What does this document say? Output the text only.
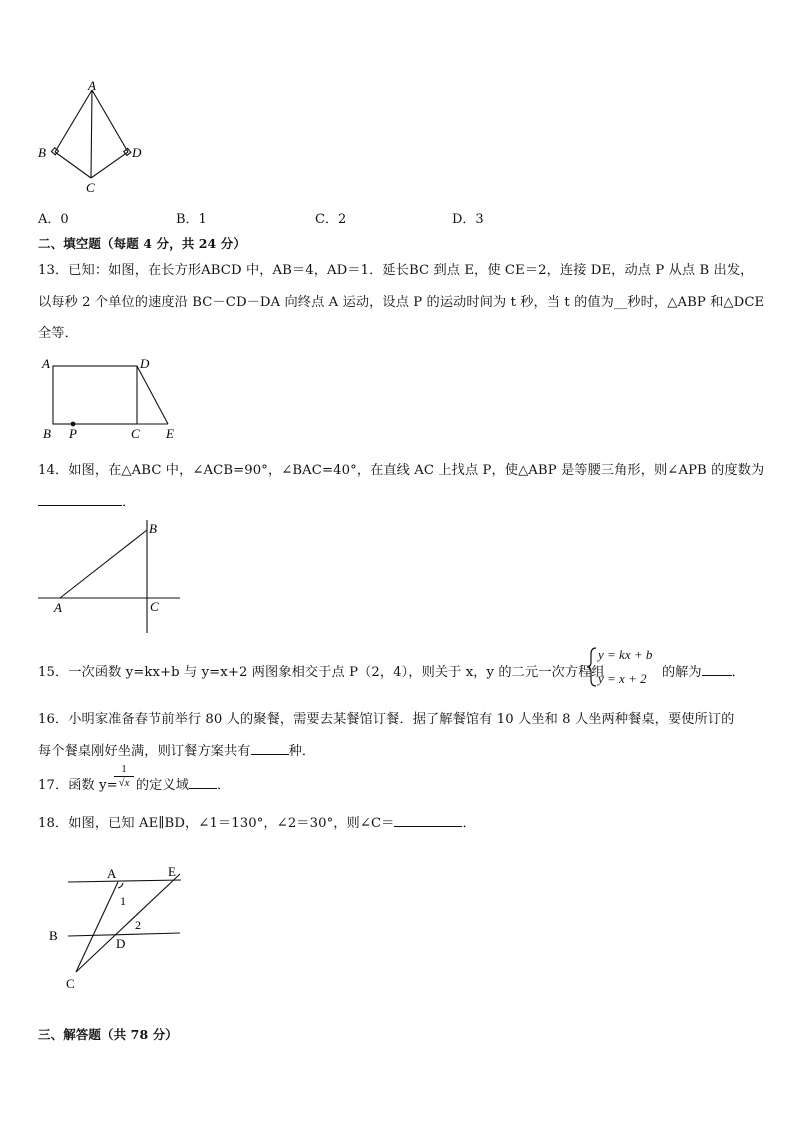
A
B	D
C
A．0	B．1	C．2	D．3
二、填空题（每题 4 分，共 24 分）
13．已知：如图，在长方形ABCD 中，AB＝4，AD＝1．延长BC 到点 E，使 CE＝2，连接 DE，动点 P 从点 B 出发，
以每秒 2 个单位的速度沿 BC－CD－DA 向终点 A 运动，设点 P 的运动时间为 t 秒，当 t 的值为__秒时，△ABP 和△DCE
全等．
A	D
B P	C E
14．如图，在△ABC 中，∠ACB=90°，∠BAC=40°，在直线 AC 上找点 P，使△ABP 是等腰三角形，则∠APB 的度数为
．
B
A	C
15．一次函数 y=kx+b 与 y=x+2 两图象相交于点 P（2，4），则关于 x，y 的二元一次方程组
y = kx + b
y = x + 2 的解为 ．
16．小明家准备春节前举行 80 人的聚餐，需要去某餐馆订餐．据了解餐馆有 10 人坐和 8 人坐两种餐桌，要使所订的
每个餐桌刚好坐满，则订餐方案共有	种．
17．函数 y= 的定义域 ．
1
√x
18．如图，已知 AE∥BD，∠1＝130°，∠2＝30°，则∠C＝	．
A	E
1
B
2
D
C
三、解答题（共 78 分）
